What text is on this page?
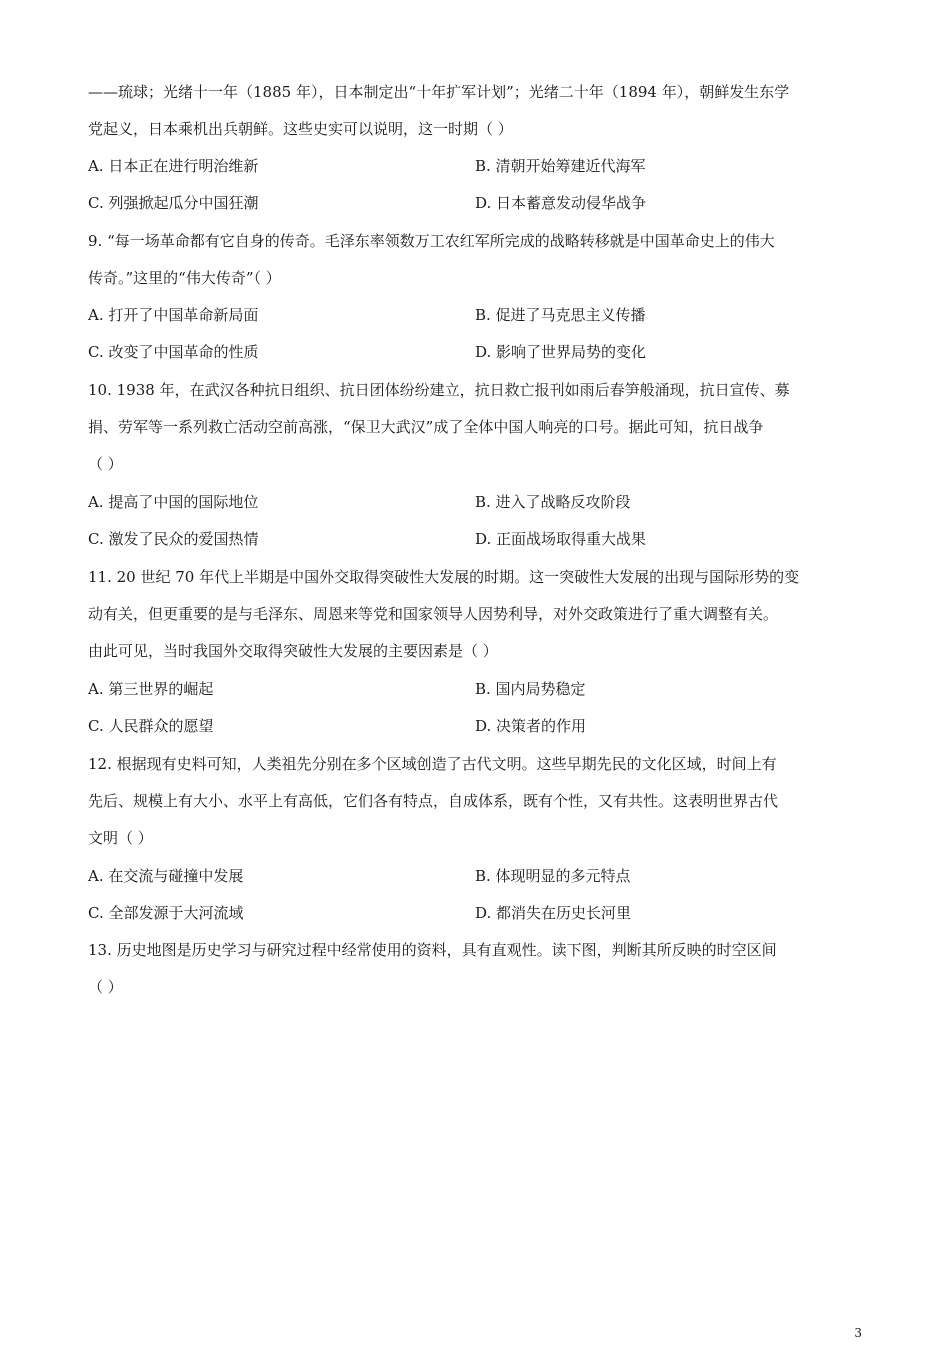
——琉球；光绪十一年（1885 年），日本制定出“十年扩军计划”；光绪二十年（1894 年），朝鲜发生东学
党起义，日本乘机出兵朝鲜。这些史实可以说明，这一时期（ ）
A. 日本正在进行明治维新	B. 清朝开始筹建近代海军
C. 列强掀起瓜分中国狂潮	D. 日本蓄意发动侵华战争
9. “每一场革命都有它自身的传奇。毛泽东率领数万工农红军所完成的战略转移就是中国革命史上的伟大
传奇。”这里的“伟大传奇”（ ）
A. 打开了中国革命新局面	B. 促进了马克思主义传播
C. 改变了中国革命的性质	D. 影响了世界局势的变化
10. 1938 年，在武汉各种抗日组织、抗日团体纷纷建立，抗日救亡报刊如雨后春笋般涌现，抗日宣传、募
捐、劳军等一系列救亡活动空前高涨，“保卫大武汉”成了全体中国人响亮的口号。据此可知，抗日战争
（ ）
A. 提高了中国的国际地位	B. 进入了战略反攻阶段
C. 激发了民众的爱国热情	D. 正面战场取得重大战果
11. 20 世纪 70 年代上半期是中国外交取得突破性大发展的时期。这一突破性大发展的出现与国际形势的变
动有关，但更重要的是与毛泽东、周恩来等党和国家领导人因势利导，对外交政策进行了重大调整有关。
由此可见，当时我国外交取得突破性大发展的主要因素是（ ）
A. 第三世界的崛起	B. 国内局势稳定
C. 人民群众的愿望	D. 决策者的作用
12. 根据现有史料可知，人类祖先分别在多个区域创造了古代文明。这些早期先民的文化区域，时间上有
先后、规模上有大小、水平上有高低，它们各有特点，自成体系，既有个性，又有共性。这表明世界古代
文明（ ）
A. 在交流与碰撞中发展	B. 体现明显的多元特点
C. 全部发源于大河流域	D. 都消失在历史长河里
13. 历史地图是历史学习与研究过程中经常使用的资料，具有直观性。读下图，判断其所反映的时空区间
（ ）
3
